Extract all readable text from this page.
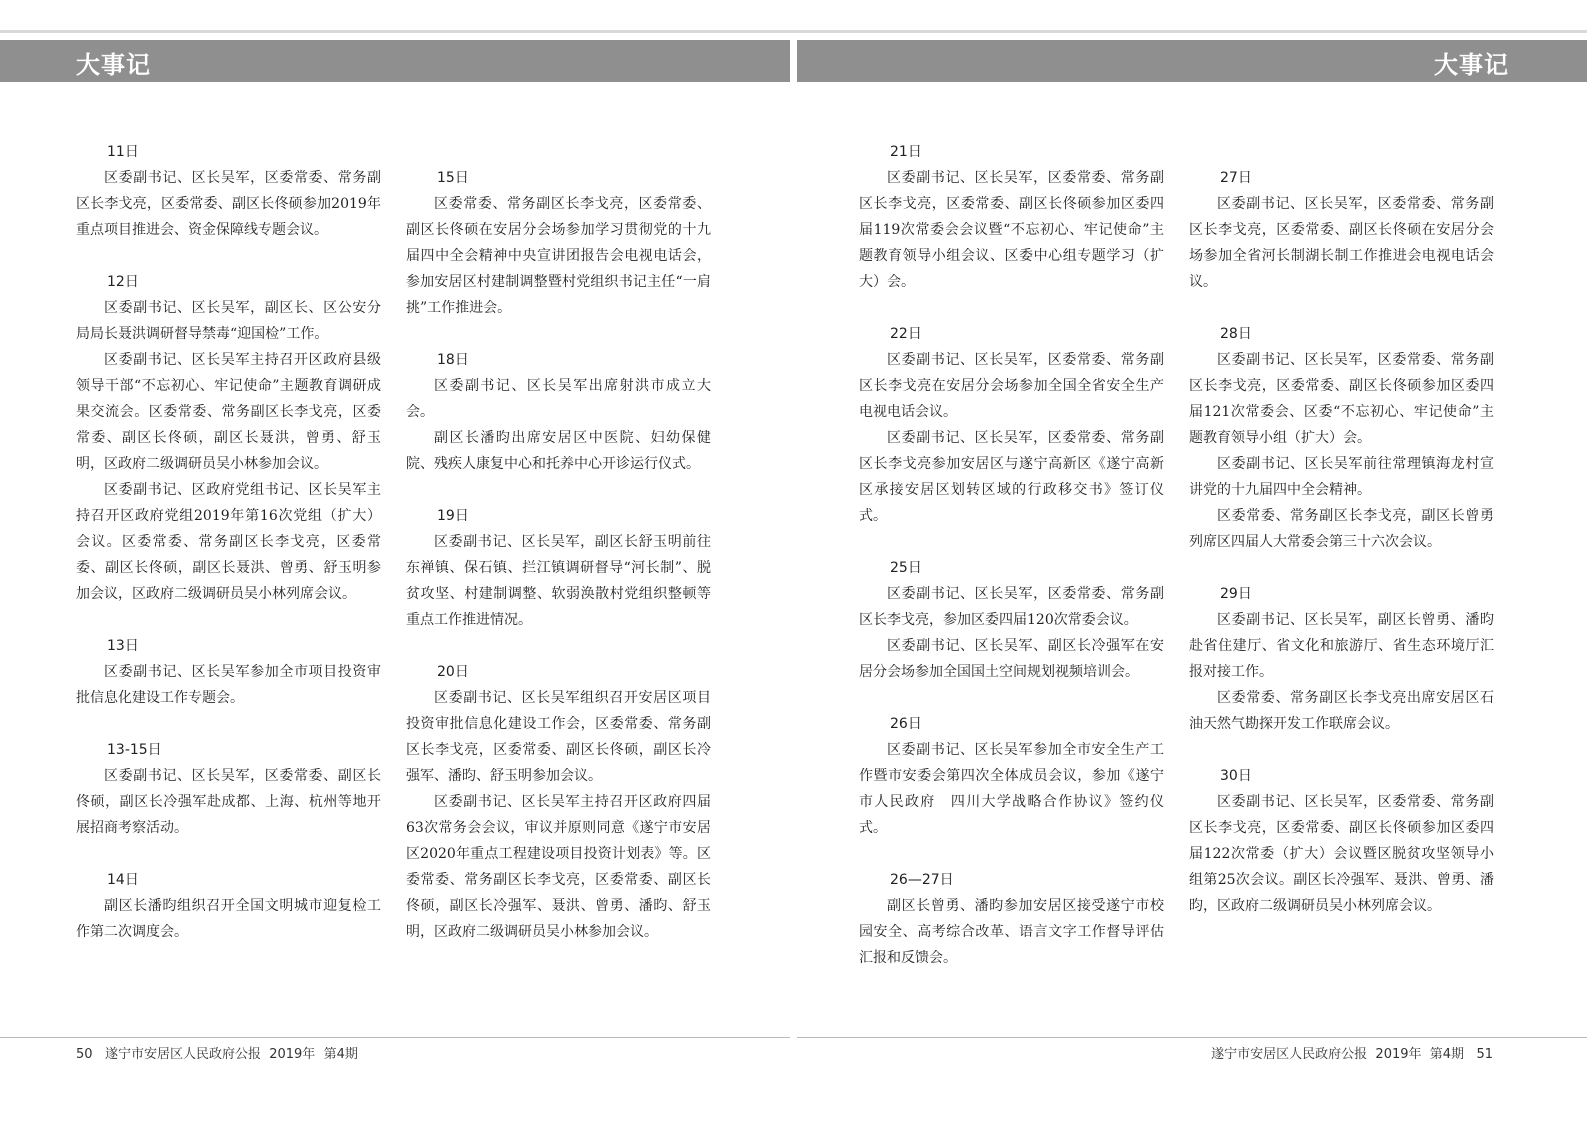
大事记	大事记
11日

区委副书记、区长吴军，区委常委、常务副区长李戈亮，区委常委、副区长佟硕参加2019年重点项目推进会、资金保障线专题会议。

12日

区委副书记、区长吴军，副区长、区公安分局局长聂洪调研督导禁毒“迎国检”工作。

区委副书记、区长吴军主持召开区政府县级领导干部“不忘初心、牢记使命”主题教育调研成果交流会。区委常委、常务副区长李戈亮，区委常委、副区长佟硕，副区长聂洪，曾勇、舒玉明，区政府二级调研员吴小林参加会议。

区委副书记、区政府党组书记、区长吴军主持召开区政府党组2019年第16次党组（扩大）会议。区委常委、常务副区长李戈亮，区委常委、副区长佟硕，副区长聂洪、曾勇、舒玉明参加会议，区政府二级调研员吴小林列席会议。

13日

区委副书记、区长吴军参加全市项目投资审批信息化建设工作专题会。

13-15日

区委副书记、区长吴军，区委常委、副区长佟硕，副区长冷强军赴成都、上海、杭州等地开展招商考察活动。

14日

副区长潘昀组织召开全国文明城市迎复检工作第二次调度会。

15日

区委常委、常务副区长李戈亮，区委常委、副区长佟硕在安居分会场参加学习贯彻党的十九届四中全会精神中央宣讲团报告会电视电话会，参加安居区村建制调整暨村党组织书记主任“一肩挑”工作推进会。

18日

区委副书记、区长吴军出席射洪市成立大会。

副区长潘昀出席安居区中医院、妇幼保健院、残疾人康复中心和托养中心开诊运行仪式。

19日

区委副书记、区长吴军，副区长舒玉明前往东禅镇、保石镇、拦江镇调研督导“河长制”、脱贫攻坚、村建制调整、软弱涣散村党组织整顿等重点工作推进情况。

20日

区委副书记、区长吴军组织召开安居区项目投资审批信息化建设工作会，区委常委、常务副区长李戈亮，区委常委、副区长佟硕，副区长冷强军、潘昀、舒玉明参加会议。

区委副书记、区长吴军主持召开区政府四届63次常务会会议，审议并原则同意《遂宁市安居区2020年重点工程建设项目投资计划表》等。区委常委、常务副区长李戈亮，区委常委、副区长佟硕，副区长冷强军、聂洪、曾勇、潘昀、舒玉明，区政府二级调研员吴小林参加会议。

21日

区委副书记、区长吴军，区委常委、常务副区长李戈亮，区委常委、副区长佟硕参加区委四届119次常委会会议暨“不忘初心、牢记使命”主题教育领导小组会议、区委中心组专题学习（扩大）会。

22日

区委副书记、区长吴军，区委常委、常务副区长李戈亮在安居分会场参加全国全省安全生产电视电话会议。

区委副书记、区长吴军，区委常委、常务副区长李戈亮参加安居区与遂宁高新区《遂宁高新区承接安居区划转区域的行政移交书》签订仪式。

25日

区委副书记、区长吴军，区委常委、常务副区长李戈亮，参加区委四届120次常委会议。

区委副书记、区长吴军、副区长冷强军在安居分会场参加全国国土空间规划视频培训会。

26日

区委副书记、区长吴军参加全市安全生产工作暨市安委会第四次全体成员会议，参加《遂宁市人民政府　四川大学战略合作协议》签约仪式。

26—27日

副区长曾勇、潘昀参加安居区接受遂宁市校园安全、高考综合改革、语言文字工作督导评估汇报和反馈会。

27日

区委副书记、区长吴军，区委常委、常务副区长李戈亮，区委常委、副区长佟硕在安居分会场参加全省河长制湖长制工作推进会电视电话会议。

28日

区委副书记、区长吴军，区委常委、常务副区长李戈亮，区委常委、副区长佟硕参加区委四届121次常委会、区委“不忘初心、牢记使命”主题教育领导小组（扩大）会。

区委副书记、区长吴军前往常理镇海龙村宣讲党的十九届四中全会精神。

区委常委、常务副区长李戈亮，副区长曾勇列席区四届人大常委会第三十六次会议。

29日

区委副书记、区长吴军，副区长曾勇、潘昀赴省住建厅、省文化和旅游厅、省生态环境厅汇报对接工作。

区委常委、常务副区长李戈亮出席安居区石油天然气勘探开发工作联席会议。

30日

区委副书记、区长吴军，区委常委、常务副区长李戈亮，区委常委、副区长佟硕参加区委四届122次常委（扩大）会议暨区脱贫攻坚领导小组第25次会议。副区长冷强军、聂洪、曾勇、潘昀，区政府二级调研员吴小林列席会议。

50 遂宁市安居区人民政府公报  2019年  第4期	遂宁市安居区人民政府公报  2019年  第4期 51
